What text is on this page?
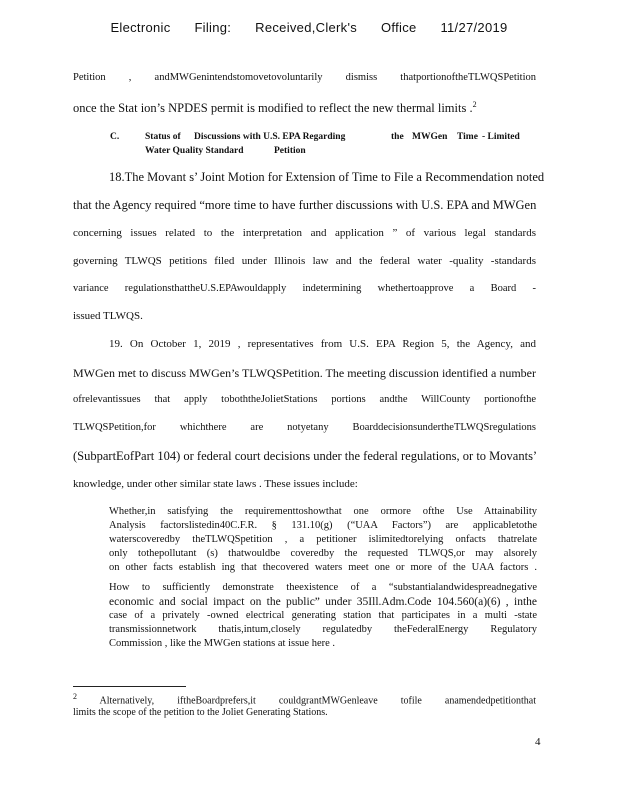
Electronic Filing: Received,Clerk's Office 11/27/2019
Petition , andMWGenintendstomovetovoluntarily dismiss thatportionoftheTLWQSPetition
once the Stat ion’s NPDES permit is modified to reflect the new thermal limits .$^2$
C.	Status of Discussions with U.S. EPA Regarding	the MWGen Time - Limited
Water Quality Standard	Petition
18.The Movant s’ Joint Motion for Extension of Time to File a Recommendation noted
that the Agency required “more time to have further discussions with U.S. EPA and MWGen
concerning issues related to the interpretation and application ” of various legal standards
governing TLWQS petitions filed under Illinois law and the federal water -quality -standards
variance regulationsthattheU.S.EPAwouldapply indetermining whethertoapprove a Board -
issued TLWQS.
19. On October 1, 2019 , representatives from U.S. EPA Region 5, the Agency, and
MWGen met to discuss MWGen’s TLWQSPetition. The meeting discussion identified a number
ofrelevantissues that apply toboththeJolietStations portions andthe WillCounty portionofthe
TLWQSPetition,for whichthere are notyetany BoarddecisionsundertheTLWQSregulations
(SubpartEofPart 104) or federal court decisions under the federal regulations, or to Movants’
knowledge, under other similar state laws . These issues include:
Whether,in satisfying the requirementtoshowthat one ormore ofthe Use Attainability
Analysis factorslistedin40C.F.R. § 131.10(g) (“UAA Factors”) are applicabletothe
waterscoveredby theTLWQSpetition , a petitioner islimitedtorelying onfacts thatrelate
only tothepollutant (s) thatwouldbe coveredby the requested TLWQS,or may alsorely
on other facts establish ing that thecovered waters meet one or more of the UAA factors .
How to sufficiently demonstrate theexistence of a “substantialandwidespreadnegative
economic and social impact on the public” under 35Ill.Adm.Code 104.560(a)(6) , inthe
case of a privately -owned electrical generating station that participates in a multi -state
transmissionnetwork thatis,intum,closely regulatedby theFederalEnergy Regulatory
Commission , like the MWGen stations at issue here .
$^2$ Alternatively, iftheBoardprefers,it couldgrantMWGenleave tofile anamendedpetitionthat
limits the scope of the petition to the Joliet Generating Stations.
4
